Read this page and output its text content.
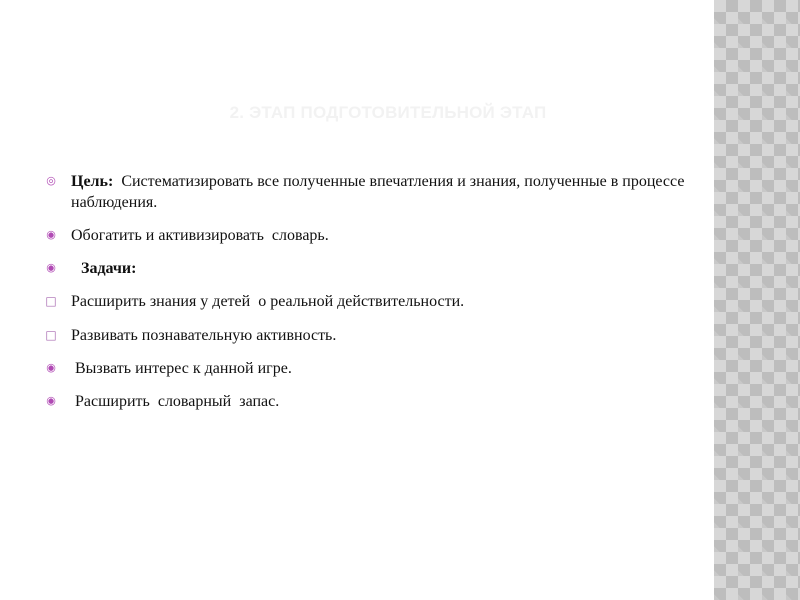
2. ЭТАП ПОДГОТОВИТЕЛЬНОЙ ЭТАП
◎ Цель:  Систематизировать все полученные впечатления и знания, полученные в процессе наблюдения.
◉ Обогатить и активизировать  словарь.
◉ Задачи:
□ Расширить знания у детей  о реальной действительности.
□ Развивать познавательную активность.
◉ Вызвать интерес к данной игре.
◉ Расширить  словарный  запас.
